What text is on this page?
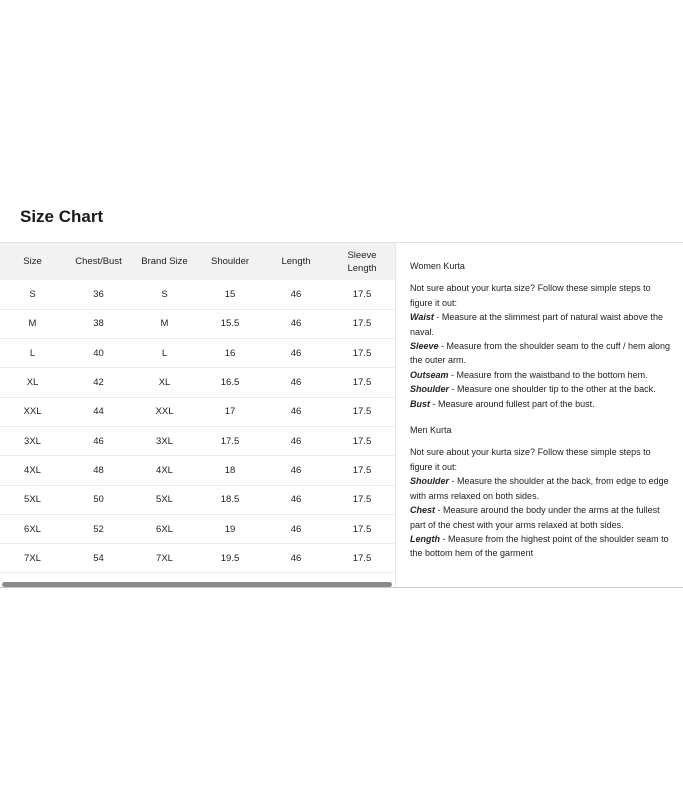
Size Chart
Size	Chest/Bust	Brand Size	Shoulder	Length	Sleeve Length
S	36	S	15	46	17.5
M	38	M	15.5	46	17.5
L	40	L	16	46	17.5
XL	42	XL	16.5	46	17.5
XXL	44	XXL	17	46	17.5
3XL	46	3XL	17.5	46	17.5
4XL	48	4XL	18	46	17.5
5XL	50	5XL	18.5	46	17.5
6XL	52	6XL	19	46	17.5
7XL	54	7XL	19.5	46	17.5
Women Kurta

Not sure about your kurta size? Follow these simple steps to figure it out:

Waist - Measure at the slimmest part of natural waist above the naval.

Sleeve - Measure from the shoulder seam to the cuff / hem along the outer arm.

Outseam - Measure from the waistband to the bottom hem.

Shoulder - Measure one shoulder tip to the other at the back.

Bust - Measure around fullest part of the bust.

Men Kurta

Not sure about your kurta size? Follow these simple steps to figure it out:

Shoulder - Measure the shoulder at the back, from edge to edge with arms relaxed on both sides.

Chest - Measure around the body under the arms at the fullest part of the chest with your arms relaxed at both sides.

Length - Measure from the highest point of the shoulder seam to the bottom hem of the garment
